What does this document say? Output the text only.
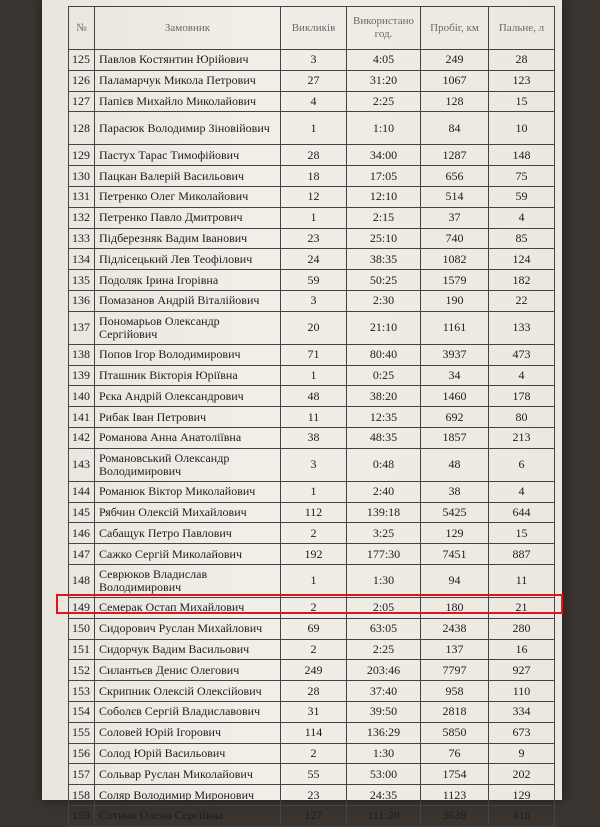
№	Замовник	Викликів	Використано год.	Пробіг, км	Пальне, л
125	Павлов Костянтин Юрійович	3	4:05	249	28
126	Паламарчук Микола Петрович	27	31:20	1067	123
127	Папієв Михайло Миколайович	4	2:25	128	15
128	Парасюк Володимир Зіновійович	1	1:10	84	10
129	Пастух Тарас Тимофійович	28	34:00	1287	148
130	Пацкан Валерій Васильович	18	17:05	656	75
131	Петренко Олег Миколайович	12	12:10	514	59
132	Петренко Павло Дмитрович	1	2:15	37	4
133	Підберезняк Вадим Іванович	23	25:10	740	85
134	Підлісецький Лев Теофілович	24	38:35	1082	124
135	Подоляк Ірина Ігорівна	59	50:25	1579	182
136	Помазанов Андрій Віталійович	3	2:30	190	22
137	Пономарьов Олександр Сергійович	20	21:10	1161	133
138	Попов Ігор Володимирович	71	80:40	3937	473
139	Пташник Вікторія Юріївна	1	0:25	34	4
140	Рєка Андрій Олександрович	48	38:20	1460	178
141	Рибак Іван Петрович	11	12:35	692	80
142	Романова Анна Анатоліївна	38	48:35	1857	213
143	Романовський Олександр Володимирович	3	0:48	48	6
144	Романюк Віктор Миколайович	1	2:40	38	4
145	Рябчин Олексій Михайлович	112	139:18	5425	644
146	Сабащук Петро Павлович	2	3:25	129	15
147	Сажко Сергій Миколайович	192	177:30	7451	887
148	Севрюков Владислав Володимирович	1	1:30	94	11
149	Семерак Остап Михайлович	2	2:05	180	21
150	Сидорович Руслан Михайлович	69	63:05	2438	280
151	Сидорчук Вадим Васильович	2	2:25	137	16
152	Силантьєв Денис Олегович	249	203:46	7797	927
153	Скрипник Олексій Олексійович	28	37:40	958	110
154	Соболєв Сергій Владиславович	31	39:50	2818	334
155	Соловей Юрій Ігорович	114	136:29	5850	673
156	Солод Юрій Васильович	2	1:30	76	9
157	Сольвар Руслан Миколайович	55	53:00	1754	202
158	Соляр Володимир Миронович	23	24:35	1123	129
159	Сотник Олена Сергіївна	127	111:20	3639	418
